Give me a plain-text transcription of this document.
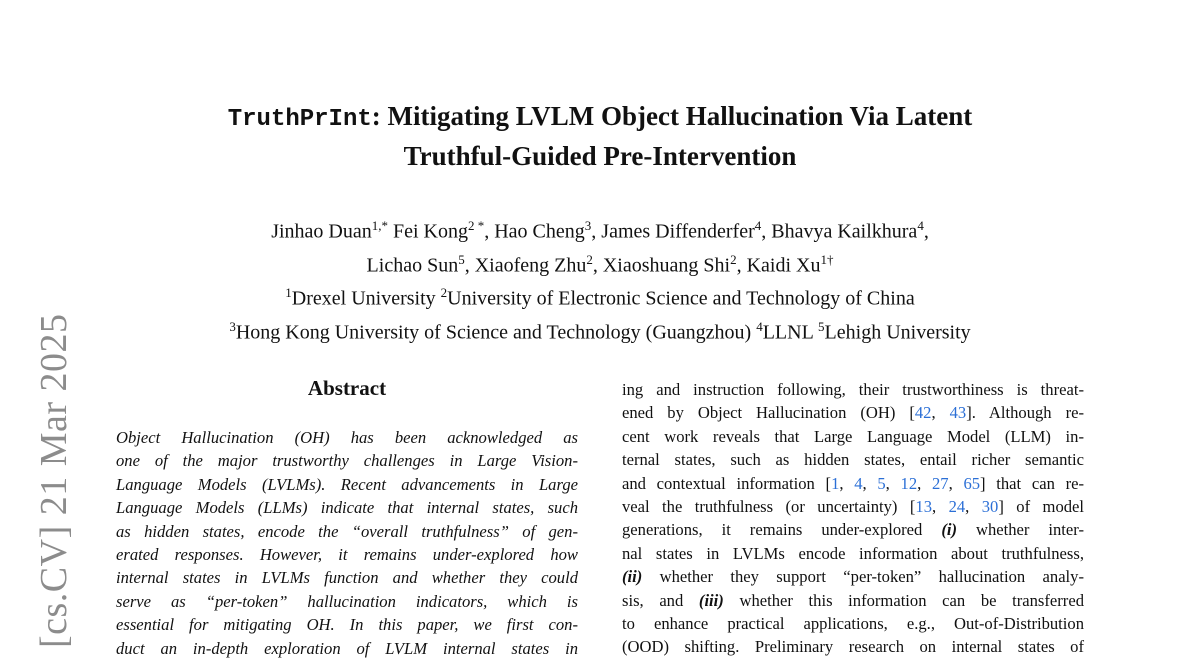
[cs.CV] 21 Mar 2025
TruthPrInt: Mitigating LVLM Object Hallucination Via Latent
Truthful-Guided Pre-Intervention
Jinhao Duan$^{1,*}$ Fei Kong$^{2 *}$, Hao Cheng$^3$, James Diffenderfer$^4$, Bhavya Kailkhura$^4$,
Lichao Sun$^5$, Xiaofeng Zhu$^2$, Xiaoshuang Shi$^2$, Kaidi $Xu^{1\dagger}$
$^1$Drexel University $^2$University of Electronic Science and Technology of China
$^3$Hong Kong University of Science and Technology (Guangzhou) $^4$LLNL $^5$Lehigh University
Abstract
Object Hallucination (OH) has been acknowledged as
one of the major trustworthy challenges in Large Vision-
Language Models (LVLMs). Recent advancements in Large
Language Models (LLMs) indicate that internal states, such
as hidden states, encode the “overall truthfulness” of gen-
erated responses. However, it remains under-explored how
internal states in LVLMs function and whether they could
serve as “per-token” hallucination indicators, which is
essential for mitigating OH. In this paper, we first con-
duct an in-depth exploration of LVLM internal states in
ing and instruction following, their trustworthiness is threat-
ened by Object Hallucination (OH) [42, 43]. Although re-
cent work reveals that Large Language Model (LLM) in-
ternal states, such as hidden states, entail richer semantic
and contextual information [1, 4, 5, 12, 27, 65] that can re-
veal the truthfulness (or uncertainty) [13, 24, 30] of model
generations, it remains under-explored (i) whether inter-
nal states in LVLMs encode information about truthfulness,
(ii) whether they support “per-token” hallucination analy-
sis, and (iii) whether this information can be transferred
to enhance practical applications, e.g., Out-of-Distribution
(OOD) shifting. Preliminary research on internal states of
